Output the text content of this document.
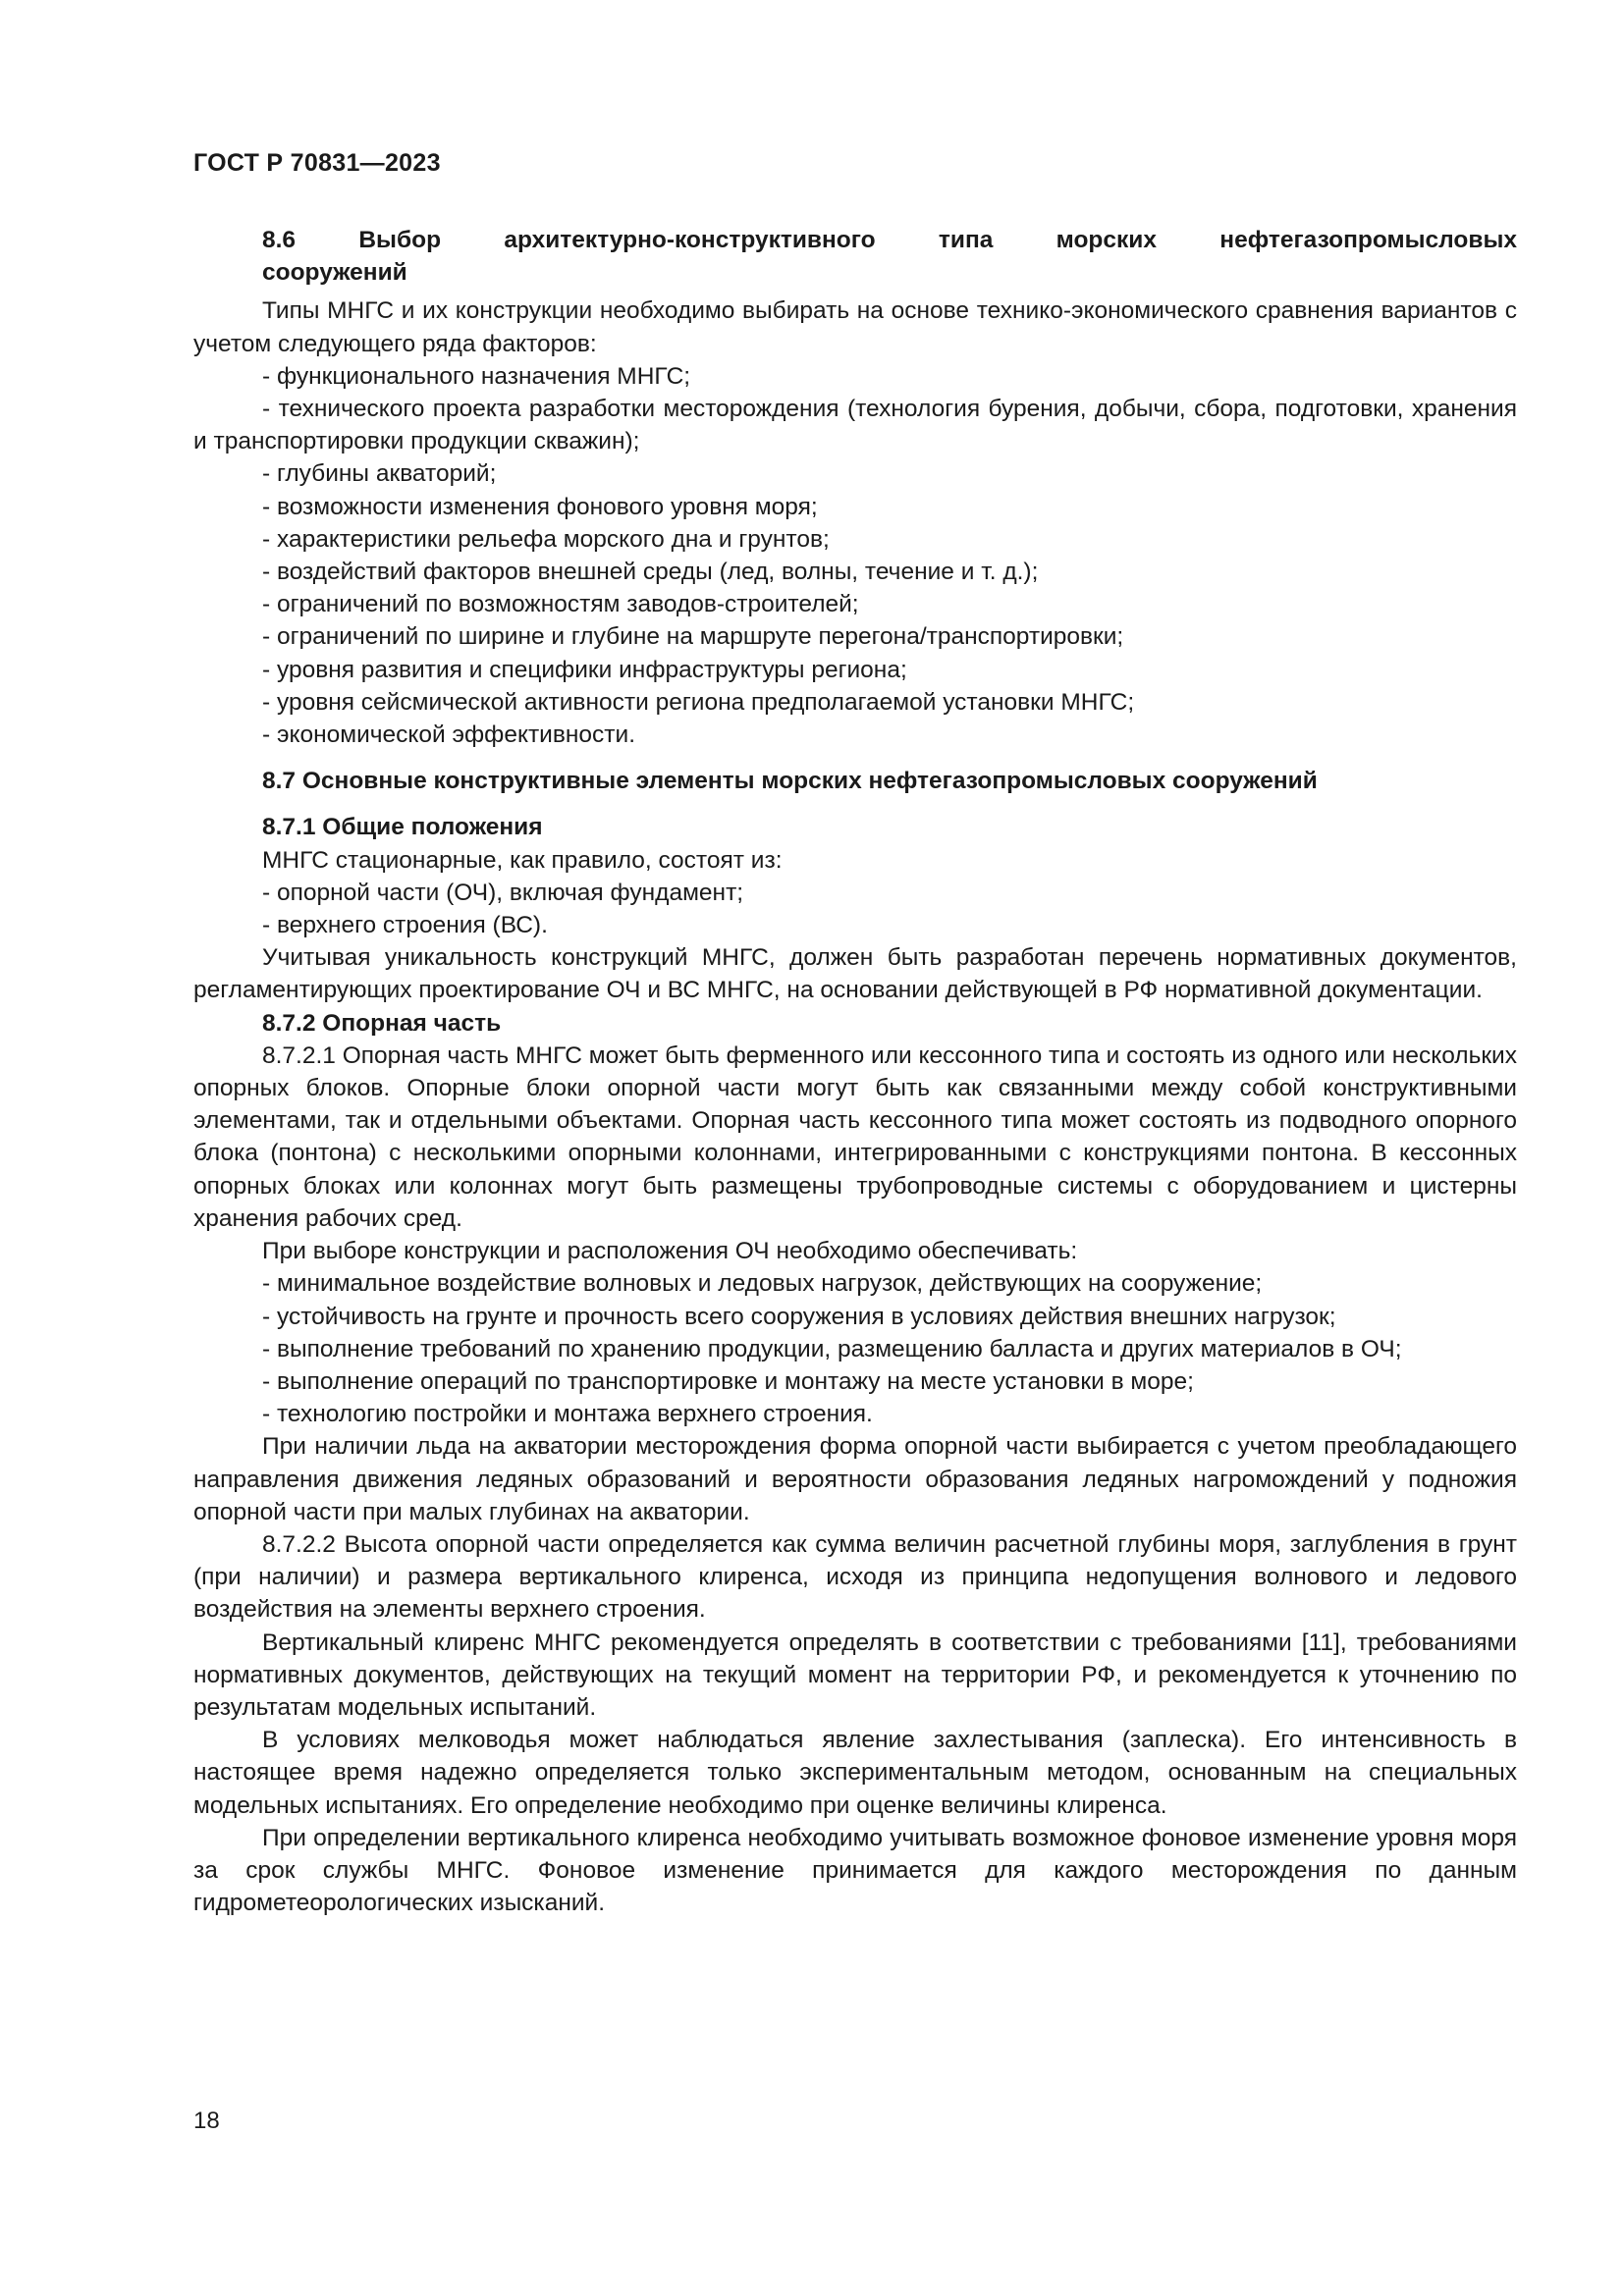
ГОСТ Р 70831—2023

8.6 Выбор архитектурно-конструктивного типа морских нефтегазопромысловых

сооружений

Типы МНГС и их конструкции необходимо выбирать на основе технико-экономического сравнения вариантов с учетом следующего ряда факторов:

- функционального назначения МНГС;

- технического проекта разработки месторождения (технология бурения, добычи, сбора, подготовки, хранения и транспортировки продукции скважин);

- глубины акваторий;

- возможности изменения фонового уровня моря;

- характеристики рельефа морского дна и грунтов;

- воздействий факторов внешней среды (лед, волны, течение и т. д.);

- ограничений по возможностям заводов-строителей;

- ограничений по ширине и глубине на маршруте перегона/транспортировки;

- уровня развития и специфики инфраструктуры региона;

- уровня сейсмической активности региона предполагаемой установки МНГС;

- экономической эффективности.

8.7 Основные конструктивные элементы морских нефтегазопромысловых сооружений

8.7.1 Общие положения

МНГС стационарные, как правило, состоят из:

- опорной части (ОЧ), включая фундамент;

- верхнего строения (ВС).

Учитывая уникальность конструкций МНГС, должен быть разработан перечень нормативных документов, регламентирующих проектирование ОЧ и ВС МНГС, на основании действующей в РФ нормативной документации.

8.7.2 Опорная часть

8.7.2.1 Опорная часть МНГС может быть ферменного или кессонного типа и состоять из одного или нескольких опорных блоков. Опорные блоки опорной части могут быть как связанными между собой конструктивными элементами, так и отдельными объектами. Опорная часть кессонного типа может состоять из подводного опорного блока (понтона) с несколькими опорными колоннами, интегрированными с конструкциями понтона. В кессонных опорных блоках или колоннах могут быть размещены трубопроводные системы с оборудованием и цистерны хранения рабочих сред.

При выборе конструкции и расположения ОЧ необходимо обеспечивать:

- минимальное воздействие волновых и ледовых нагрузок, действующих на сооружение;

- устойчивость на грунте и прочность всего сооружения в условиях действия внешних нагрузок;

- выполнение требований по хранению продукции, размещению балласта и других материалов в ОЧ;

- выполнение операций по транспортировке и монтажу на месте установки в море;

- технологию постройки и монтажа верхнего строения.

При наличии льда на акватории месторождения форма опорной части выбирается с учетом преобладающего направления движения ледяных образований и вероятности образования ледяных нагромождений у подножия опорной части при малых глубинах на акватории.

8.7.2.2 Высота опорной части определяется как сумма величин расчетной глубины моря, заглубления в грунт (при наличии) и размера вертикального клиренса, исходя из принципа недопущения волнового и ледового воздействия на элементы верхнего строения.

Вертикальный клиренс МНГС рекомендуется определять в соответствии с требованиями [11], требованиями нормативных документов, действующих на текущий момент на территории РФ, и рекомендуется к уточнению по результатам модельных испытаний.

В условиях мелководья может наблюдаться явление захлестывания (заплеска). Его интенсивность в настоящее время надежно определяется только экспериментальным методом, основанным на специальных модельных испытаниях. Его определение необходимо при оценке величины клиренса.

При определении вертикального клиренса необходимо учитывать возможное фоновое изменение уровня моря за срок службы МНГС. Фоновое изменение принимается для каждого месторождения по данным гидрометеорологических изысканий.

18
